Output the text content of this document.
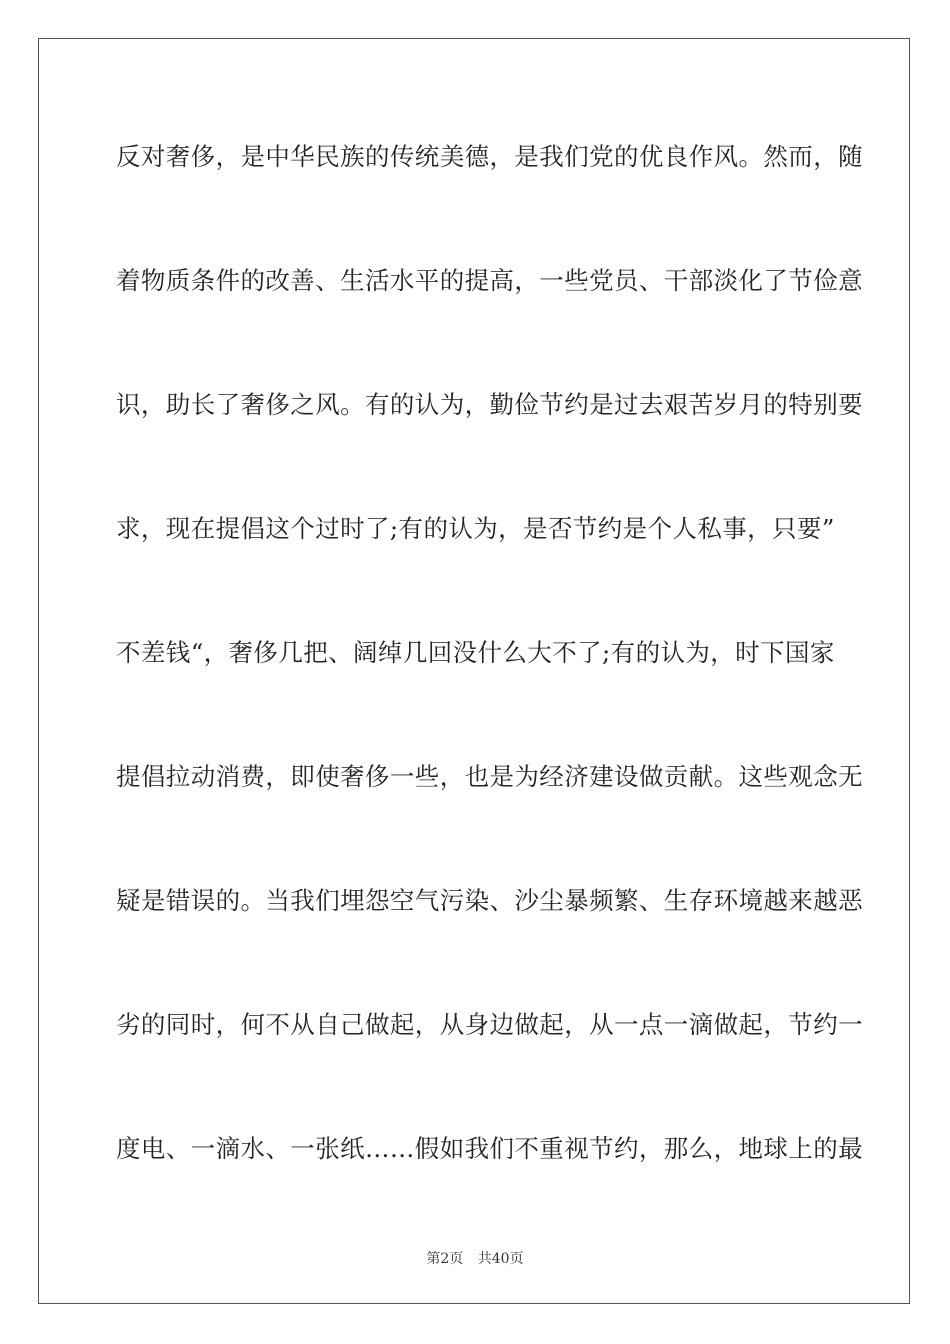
反对奢侈，是中华民族的传统美德，是我们党的优良作风。然而，随
着物质条件的改善、生活水平的提高，一些党员、干部淡化了节俭意
识，助长了奢侈之风。有的认为，勤俭节约是过去艰苦岁月的特别要
求，现在提倡这个过时了;有的认为，是否节约是个人私事，只要”
不差钱“，奢侈几把、阔绰几回没什么大不了;有的认为，时下国家
提倡拉动消费，即使奢侈一些，也是为经济建设做贡献。这些观念无
疑是错误的。当我们埋怨空气污染、沙尘暴频繁、生存环境越来越恶
劣的同时，何不从自己做起，从身边做起，从一点一滴做起，节约一
度电、一滴水、一张纸……假如我们不重视节约，那么，地球上的最
第2页 共40页
